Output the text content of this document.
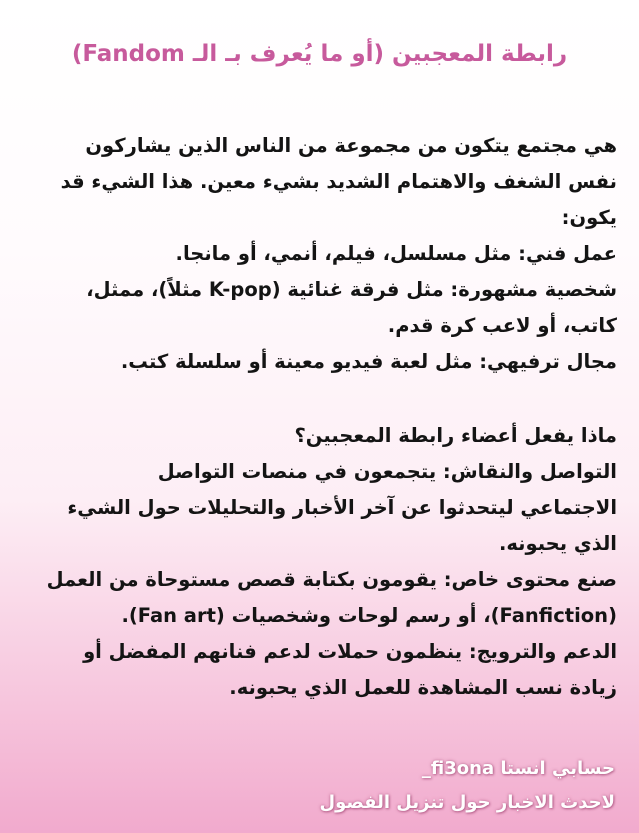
رابطة المعجبين (أو ما يُعرف بـ الـ Fandom)
هي مجتمع يتكون من مجموعة من الناس الذين يشاركون
نفس الشغف والاهتمام الشديد بشيء معين. هذا الشيء قد
يكون:
عمل فني: مثل مسلسل، فيلم، أنمي، أو مانجا.
شخصية مشهورة: مثل فرقة غنائية (K-pop مثلاً)، ممثل،
كاتب، أو لاعب كرة قدم.
مجال ترفيهي: مثل لعبة فيديو معينة أو سلسلة كتب.
ماذا يفعل أعضاء رابطة المعجبين؟
التواصل والنقاش: يتجمعون في منصات التواصل
الاجتماعي ليتحدثوا عن آخر الأخبار والتحليلات حول الشيء
الذي يحبونه.
صنع محتوى خاص: يقومون بكتابة قصص مستوحاة من العمل
(Fanfiction)، أو رسم لوحات وشخصيات (Fan art).
الدعم والترويج: ينظمون حملات لدعم فنانهم المفضل أو
زيادة نسب المشاهدة للعمل الذي يحبونه.
حسابي انستا fi3ona_
لاحدث الاخبار حول تنزيل الفصول
